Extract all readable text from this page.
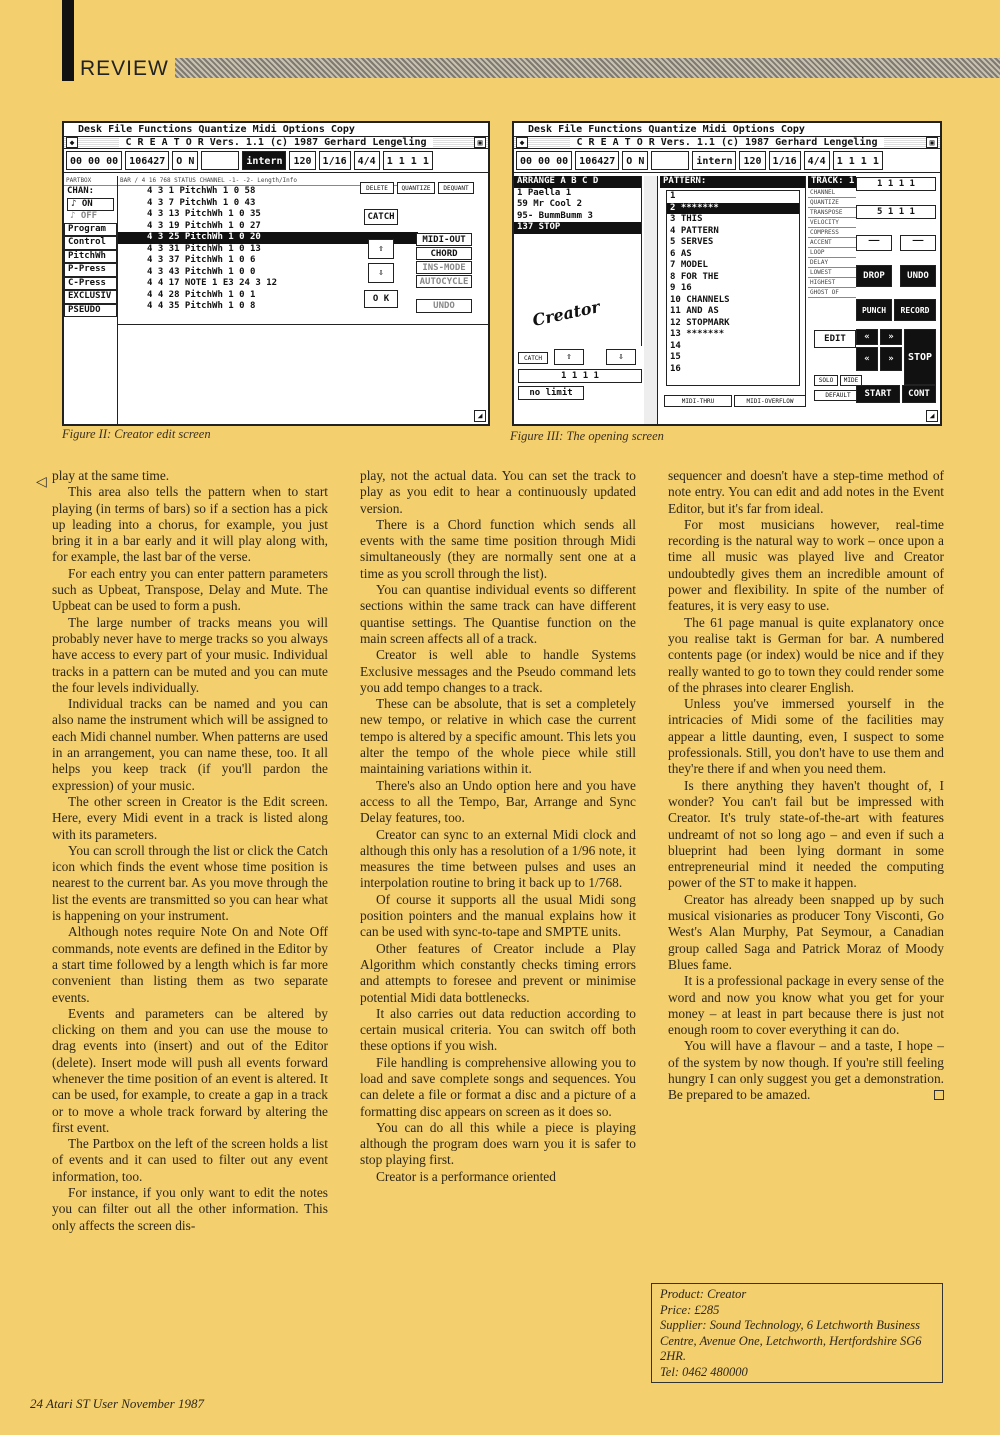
REVIEW
Desk File Functions Quantize Midi Options Copy
◆	C R E A T O R Vers. 1.1 (c) 1987 Gerhard Lengeling	▣
00 00 00	106427	O N	intern	120	1/16	4/4	1 1 1 1
PARTBOX
CHAN:
♪ ON
♪ OFF
Program
Control
PitchWh
P-Press
C-Press
EXCLUSIV
PSEUDO
BAR / 4 16 768 STATUS CHANNEL -1- -2- Length/Info
4 3 1 PitchWh 1 0 58
4 3 7 PitchWh 1 0 43
4 3 13 PitchWh 1 0 35
4 3 19 PitchWh 1 0 27
4 3 25 PitchWh 1 0 20
4 3 31 PitchWh 1 0 13
4 3 37 PitchWh 1 0 6
4 3 43 PitchWh 1 0 0
4 4 17 NOTE 1 E3 24 3 12
4 4 28 PitchWh 1 0 1
4 4 35 PitchWh 1 0 8
DELETE	QUANTIZE	DEQUANT
CATCH
⇧
⇩
O K
MIDI-OUT
CHORD
INS-MODE
AUTOCYCLE
UNDO
◢
Figure II: Creator edit screen
Desk File Functions Quantize Midi Options Copy
◆	C R E A T O R Vers. 1.1 (c) 1987 Gerhard Lengeling	▣
00 00 00	106427	O N	intern	120	1/16	4/4	1 1 1 1
ARRANGE A B C D
1 Paella 1
59 Mr Cool 2
95- BummBumm 3
137 STOP
Creator
CATCH	⇧	⇩
1 1 1 1
no limit
PATTERN:
1
2 *******
3 THIS
4 PATTERN
5 SERVES
6 AS
7 MODEL
8 FOR THE
9 16
10 CHANNELS
11 AND AS
12 STOPMARK
13 *******
14
15
16
MIDI-THRU	MIDI-OVERFLOW
TRACK: 1
CHANNEL
QUANTIZE
TRANSPOSE
VELOCITY
COMPRESS
ACCENT
LOOP
DELAY
LOWEST
HIGHEST
GHOST OF
EDIT
SOLO	MIDE
DEFAULT
1 1 1 1
5 1 1 1
––	––
DROP	UNDO
PUNCH	RECORD
«	»
«	»	STOP
START	CONT
◢
Figure III: The opening screen
◁ play at the same time.

This area also tells the pattern when to start playing (in terms of bars) so if a section has a pick up leading into a chorus, for example, you just bring it in a bar early and it will play along with, for example, the last bar of the verse.

For each entry you can enter pattern parameters such as Upbeat, Transpose, Delay and Mute. The Upbeat can be used to form a push.

The large number of tracks means you will probably never have to merge tracks so you always have access to every part of your music. Individual tracks in a pattern can be muted and you can mute the four levels individually.

Individual tracks can be named and you can also name the instrument which will be assigned to each Midi channel number. When patterns are used in an arrangement, you can name these, too. It all helps you keep track (if you'll pardon the expression) of your music.

The other screen in Creator is the Edit screen. Here, every Midi event in a track is listed along with its parameters.

You can scroll through the list or click the Catch icon which finds the event whose time position is nearest to the current bar. As you move through the list the events are transmitted so you can hear what is happening on your instrument.

Although notes require Note On and Note Off commands, note events are defined in the Editor by a start time followed by a length which is far more convenient than listing them as two separate events.

Events and parameters can be altered by clicking on them and you can use the mouse to drag events into (insert) and out of the Editor (delete). Insert mode will push all events forward whenever the time position of an event is altered. It can be used, for example, to create a gap in a track or to move a whole track forward by altering the first event.

The Partbox on the left of the screen holds a list of events and it can used to filter out any event information, too.

For instance, if you only want to edit the notes you can filter out all the other information. This only affects the screen dis-

play, not the actual data. You can set the track to play as you edit to hear a continuously updated version.

There is a Chord function which sends all events with the same time position through Midi simultaneously (they are normally sent one at a time as you scroll through the list).

You can quantise individual events so different sections within the same track can have different quantise settings. The Quantise function on the main screen affects all of a track.

Creator is well able to handle Systems Exclusive messages and the Pseudo command lets you add tempo changes to a track.

These can be absolute, that is set a completely new tempo, or relative in which case the current tempo is altered by a specific amount. This lets you alter the tempo of the whole piece while still maintaining variations within it.

There's also an Undo option here and you have access to all the Tempo, Bar, Arrange and Sync Delay features, too.

Creator can sync to an external Midi clock and although this only has a resolution of a 1/96 note, it measures the time between pulses and uses an interpolation routine to bring it back up to 1/768.

Of course it supports all the usual Midi song position pointers and the manual explains how it can be used with sync-to-tape and SMPTE units.

Other features of Creator include a Play Algorithm which constantly checks timing errors and attempts to foresee and prevent or minimise potential Midi data bottlenecks.

It also carries out data reduction according to certain musical criteria. You can switch off both these options if you wish.

File handling is comprehensive allowing you to load and save complete songs and sequences. You can delete a file or format a disc and a picture of a formatting disc appears on screen as it does so.

You can do all this while a piece is playing although the program does warn you it is safer to stop playing first.

Creator is a performance oriented

sequencer and doesn't have a step-time method of note entry. You can edit and add notes in the Event Editor, but it's far from ideal.

For most musicians however, real-time recording is the natural way to work – once upon a time all music was played live and Creator undoubtedly gives them an incredible amount of power and flexibility. In spite of the number of features, it is very easy to use.

The 61 page manual is quite explanatory once you realise takt is German for bar. A numbered contents page (or index) would be nice and if they really wanted to go to town they could render some of the phrases into clearer English.

Unless you've immersed yourself in the intricacies of Midi some of the facilities may appear a little daunting, even, I suspect to some professionals. Still, you don't have to use them and they're there if and when you need them.

Is there anything they haven't thought of, I wonder? You can't fail but be impressed with Creator. It's truly state-of-the-art with features undreamt of not so long ago – and even if such a blueprint had been lying dormant in some entrepreneurial mind it needed the computing power of the ST to make it happen.

Creator has already been snapped up by such musical visionaries as producer Tony Visconti, Go West's Alan Murphy, Pat Seymour, a Canadian group called Saga and Patrick Moraz of Moody Blues fame.

It is a professional package in every sense of the word and now you know what you get for your money – at least in part because there is just not enough room to cover everything it can do.

You will have a flavour – and a taste, I hope – of the system by now though. If you're still feeling hungry I can only suggest you get a demonstration. Be prepared to be amazed.

Product: Creator
Price: £285
Supplier: Sound Technology, 6 Letchworth Business Centre, Avenue One, Letchworth, Hertfordshire SG6 2HR.
Tel: 0462 480000
24 Atari ST User November 1987
